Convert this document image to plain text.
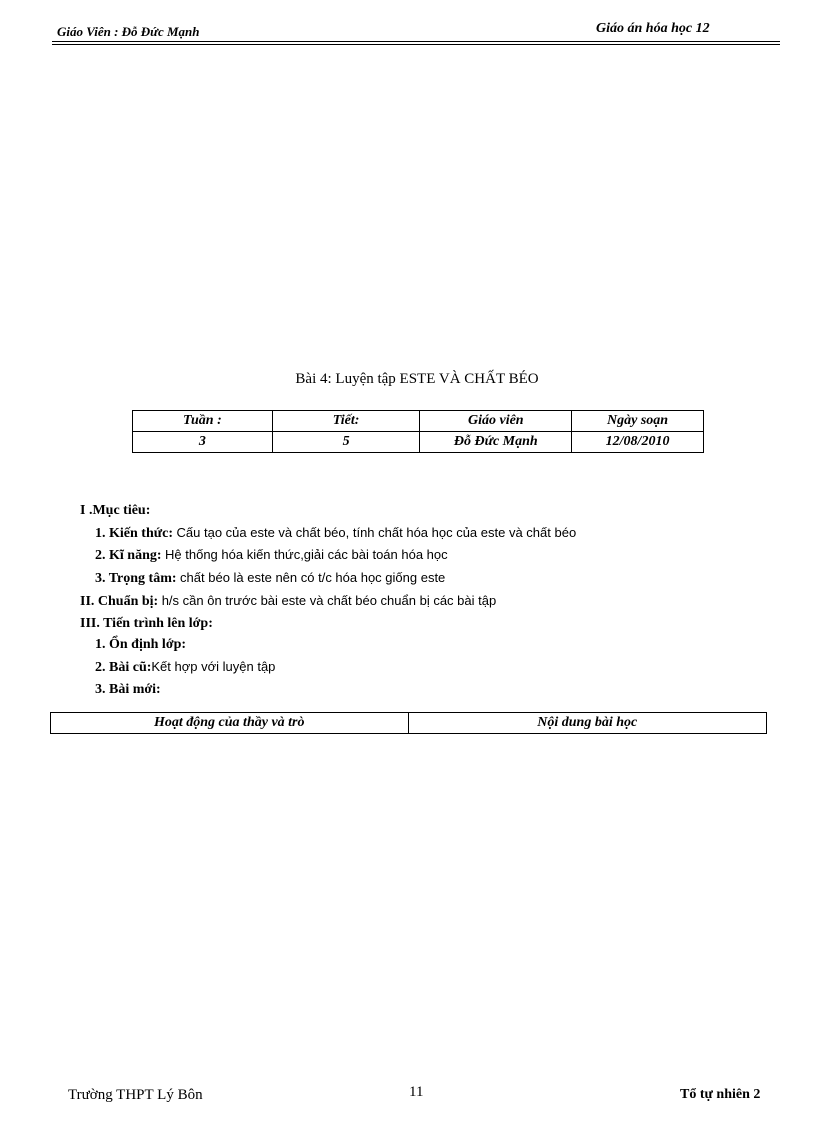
Giáo Viên : Đỗ Đức Mạnh	Giáo án hóa học 12
Bài 4: Luyện tập ESTE VÀ CHẤT BÉO
Tuần :	Tiết:	Giáo viên	Ngày soạn
3	5	Đỗ Đức Mạnh	12/08/2010
I .Mục tiêu:
1. Kiến thức: Cấu tạo của este và chất béo, tính chất hóa học của este và chất béo
2. Kĩ năng: Hệ thống hóa kiến thức,giải các bài toán hóa học
3. Trọng tâm: chất béo là este nên có t/c hóa học giống este
II. Chuẩn bị: h/s cần ôn trước bài este và chất béo chuẩn bị các bài tập
III. Tiến trình lên lớp:
1. Ổn định lớp:
2. Bài cũ:Kết hợp với luyện tập
3. Bài mới:
Hoạt động của thầy và trò	Nội dung bài học
Trường THPT Lý Bôn	11	Tổ tự nhiên 2
